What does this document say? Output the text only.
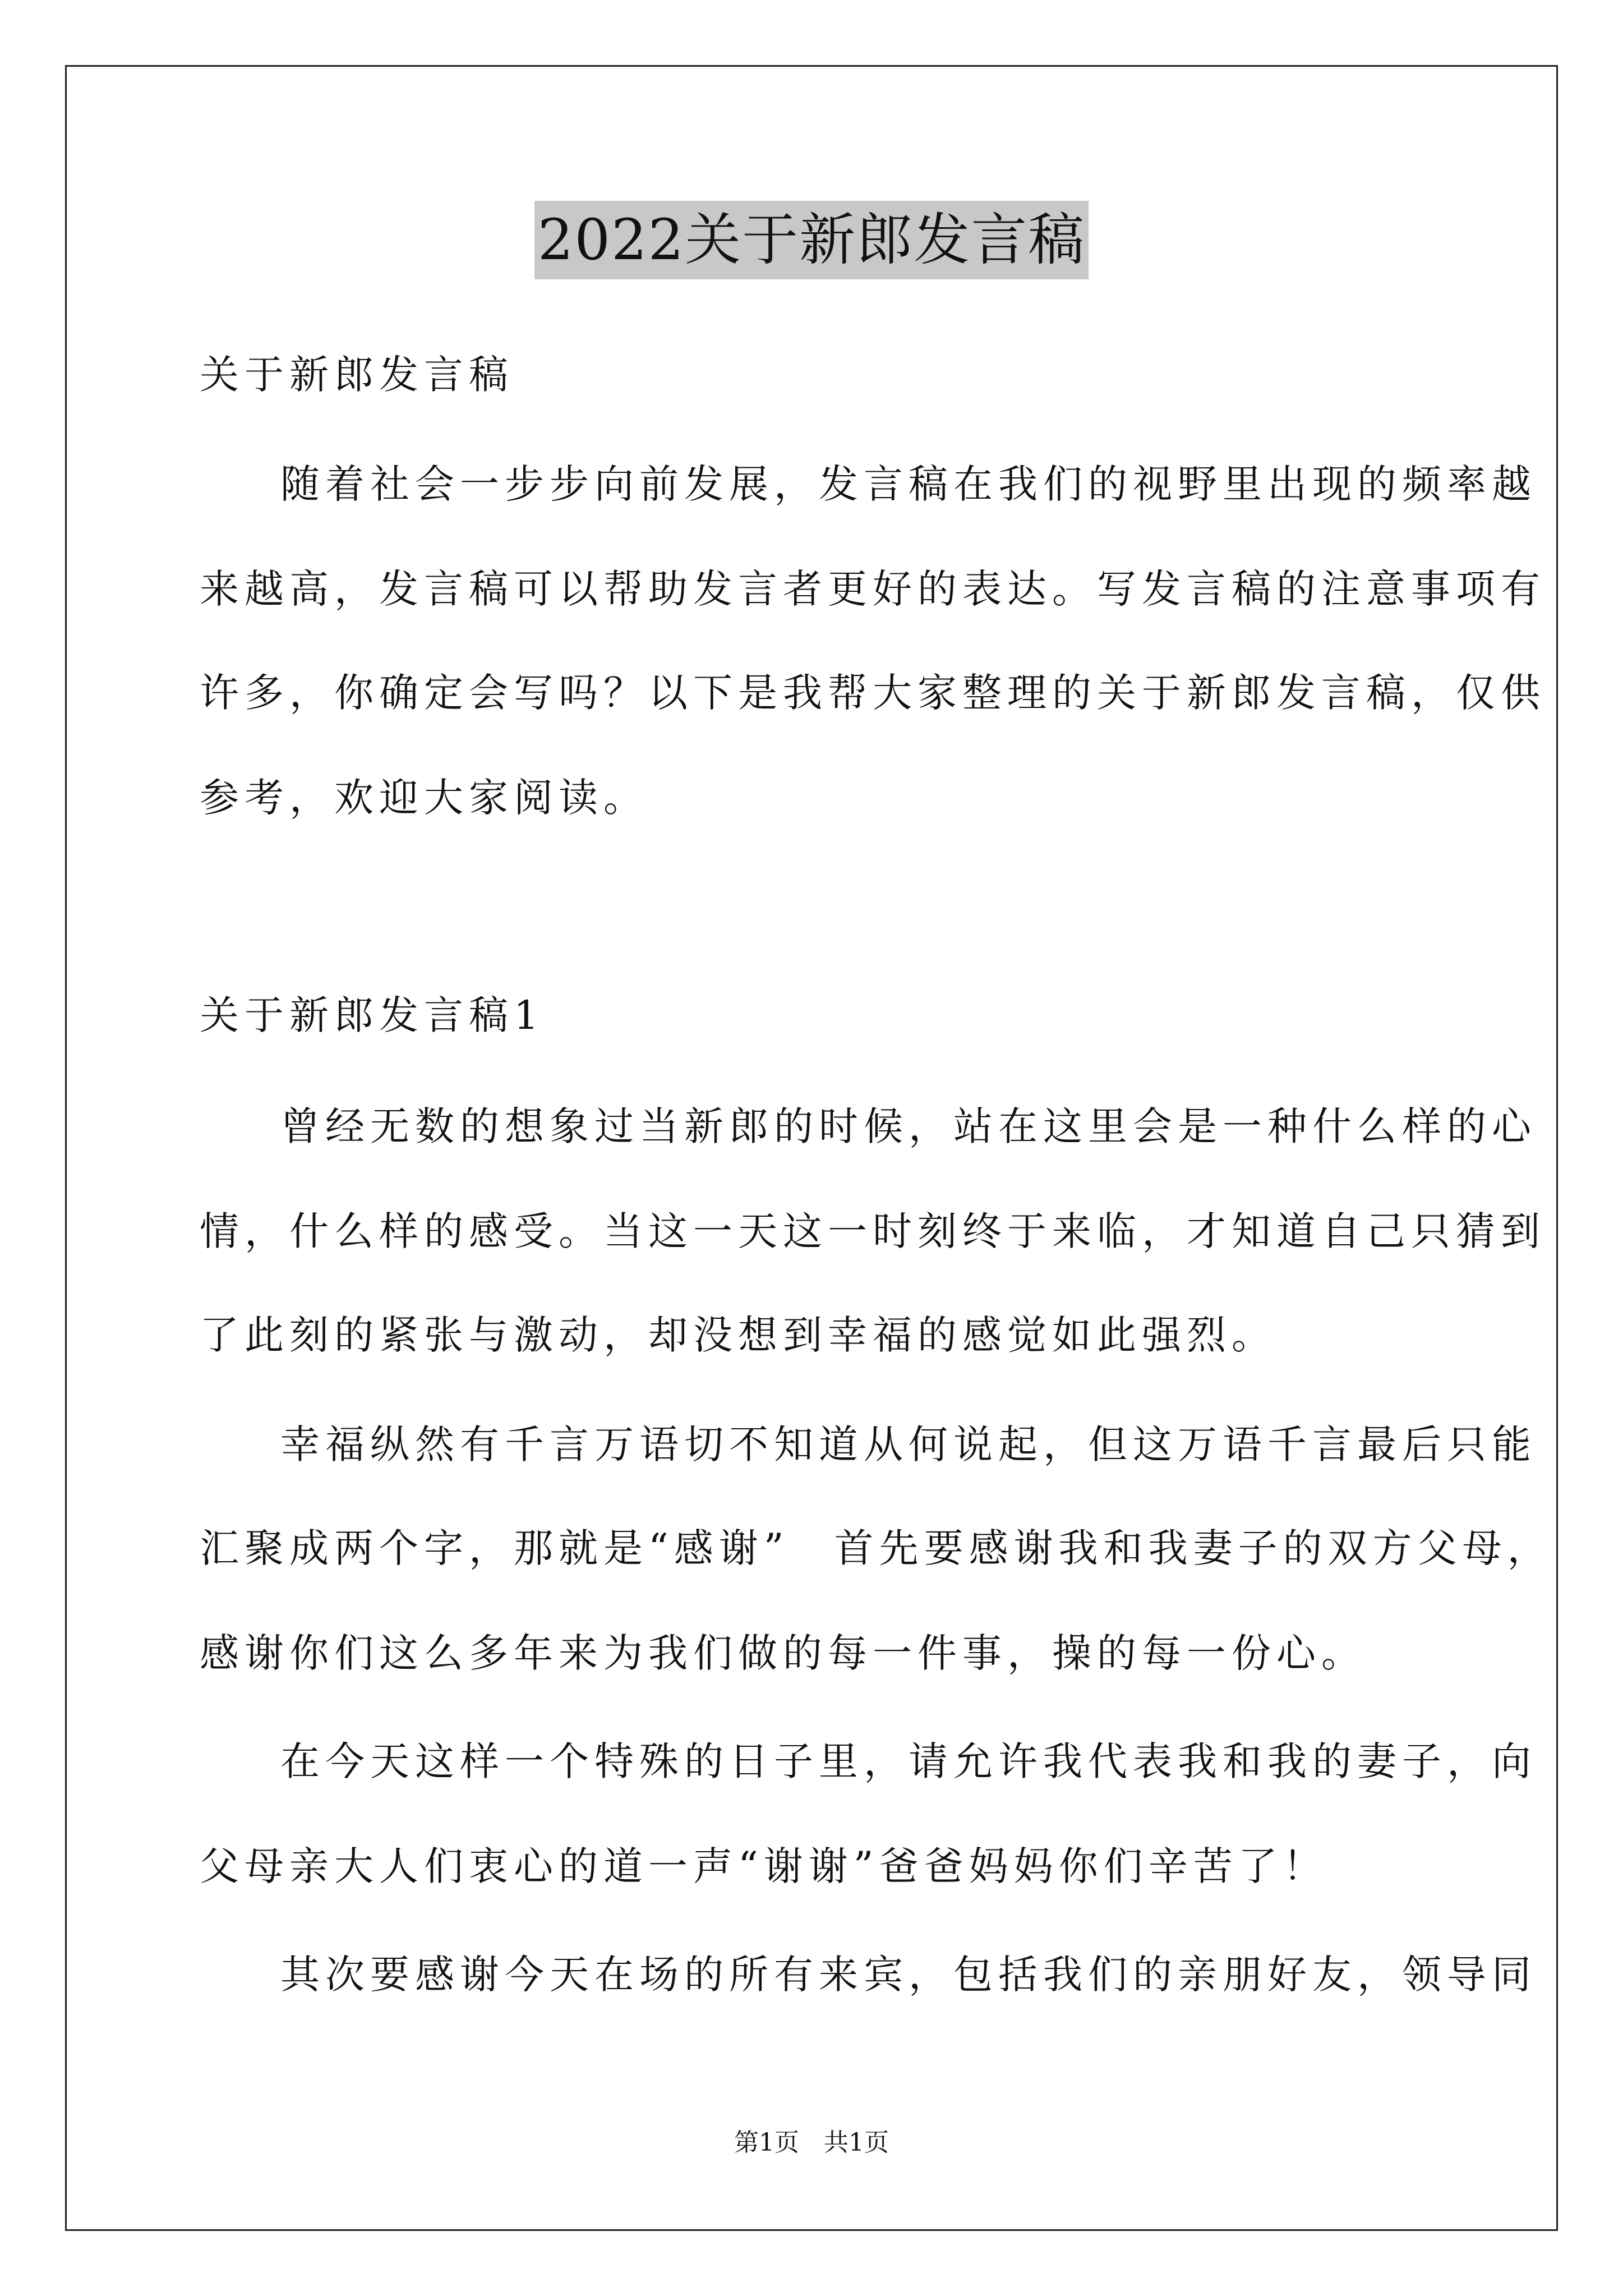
2022关于新郎发言稿
关于新郎发言稿
随着社会一步步向前发展，发言稿在我们的视野里出现的频率越
来越高，发言稿可以帮助发言者更好的表达。写发言稿的注意事项有
许多，你确定会写吗？以下是我帮大家整理的关于新郎发言稿，仅供
参考，欢迎大家阅读。
关于新郎发言稿1
曾经无数的想象过当新郎的时候，站在这里会是一种什么样的心
情，什么样的感受。当这一天这一时刻终于来临，才知道自己只猜到
了此刻的紧张与激动，却没想到幸福的感觉如此强烈。
幸福纵然有千言万语切不知道从何说起，但这万语千言最后只能
汇聚成两个字，那就是“感谢”　首先要感谢我和我妻子的双方父母，
感谢你们这么多年来为我们做的每一件事，操的每一份心。
在今天这样一个特殊的日子里，请允许我代表我和我的妻子，向
父母亲大人们衷心的道一声“谢谢”爸爸妈妈你们辛苦了！
其次要感谢今天在场的所有来宾，包括我们的亲朋好友，领导同
第1页　共1页
